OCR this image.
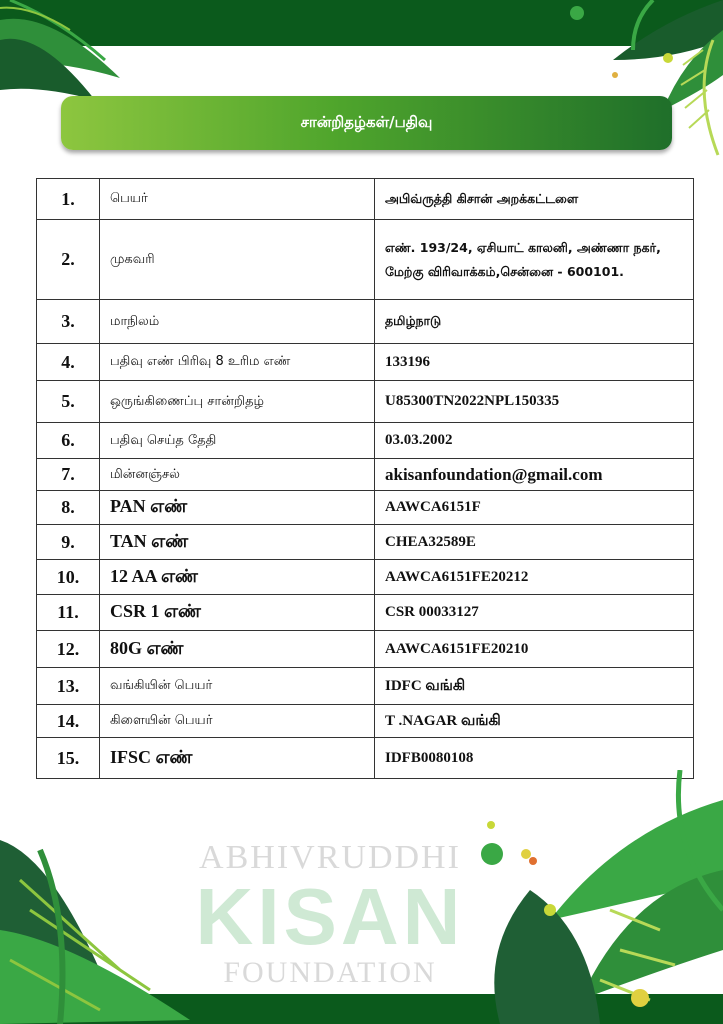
சான்றிதழ்கள்/பதிவு
1.	பெயர்	அபிவ்ருத்தி கிசான் அறக்கட்டளை
2.	முகவரி	எண். 193/24, ஏசியாட் காலனி, அண்ணா நகர்,
மேற்கு விரிவாக்கம்,சென்னை - 600101.

3.	மாநிலம்	தமிழ்நாடு
4.	பதிவு எண் பிரிவு 8 உரிம எண்	133196
5.	ஒருங்கிணைப்பு சான்றிதழ்	U85300TN2022NPL150335
6.	பதிவு செய்த தேதி	03.03.2002
7.	மின்னஞ்சல்	akisanfoundation@gmail.com
8.	PAN எண்	AAWCA6151F
9.	TAN எண்	CHEA32589E
10.	12 AA எண்	AAWCA6151FE20212
11.	CSR 1 எண்	CSR 00033127
12.	80G எண்	AAWCA6151FE20210
13.	வங்கியின் பெயர்	IDFC வங்கி
14.	கிளையின் பெயர்	T .NAGAR வங்கி
15.	IFSC எண்	IDFB0080108
ABHIVRUDDHI
KISAN
FOUNDATION
